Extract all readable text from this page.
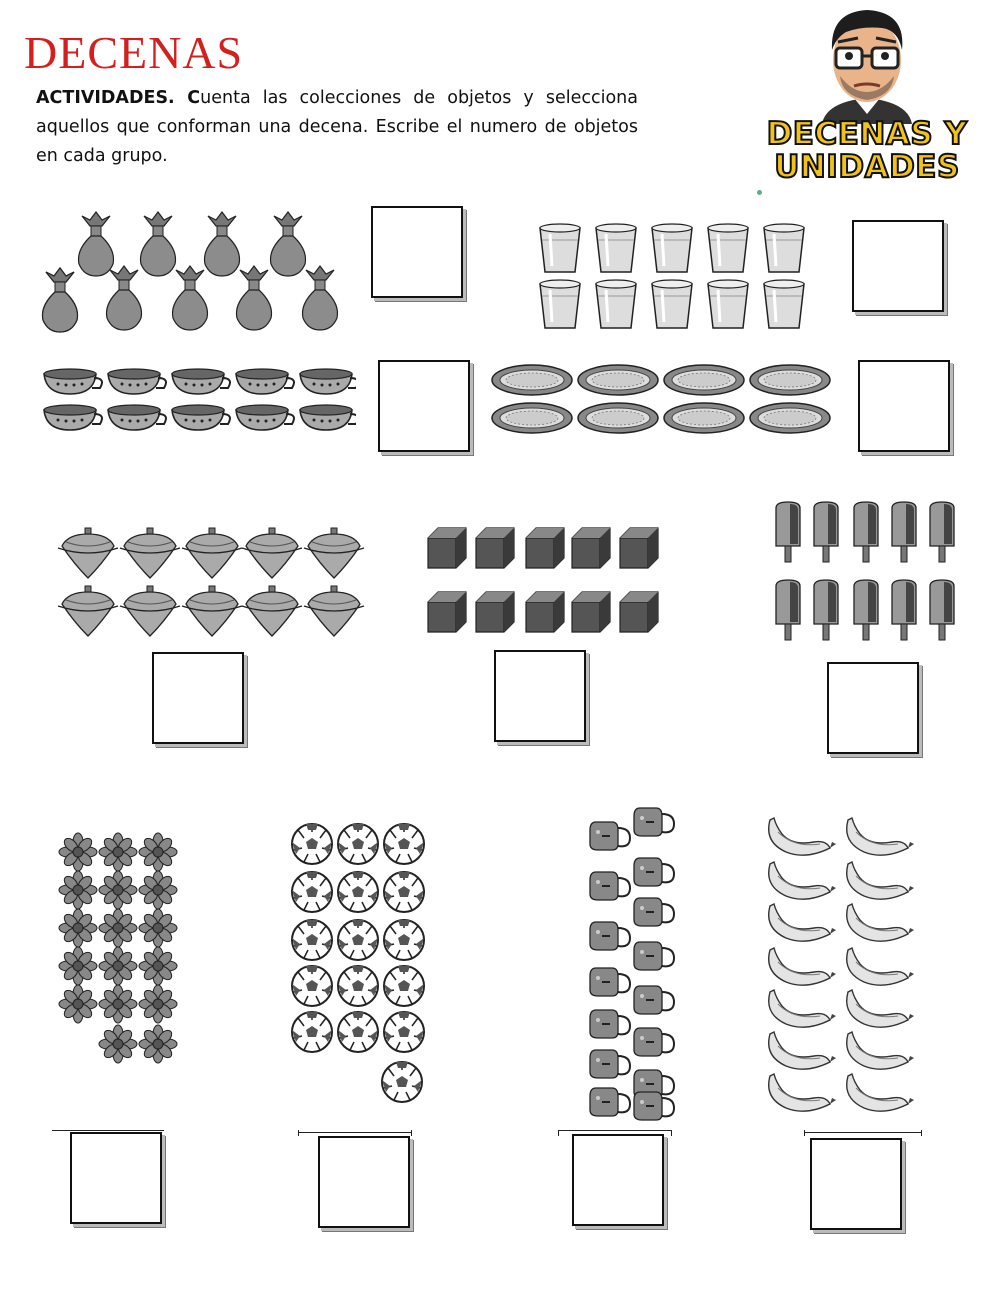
DECENAS
ACTIVIDADES. Cuenta las colecciones de objetos y selecciona aquellos que conforman una decena. Escribe el numero de objetos en cada grupo.
DECENAS Y
UNIDADES
